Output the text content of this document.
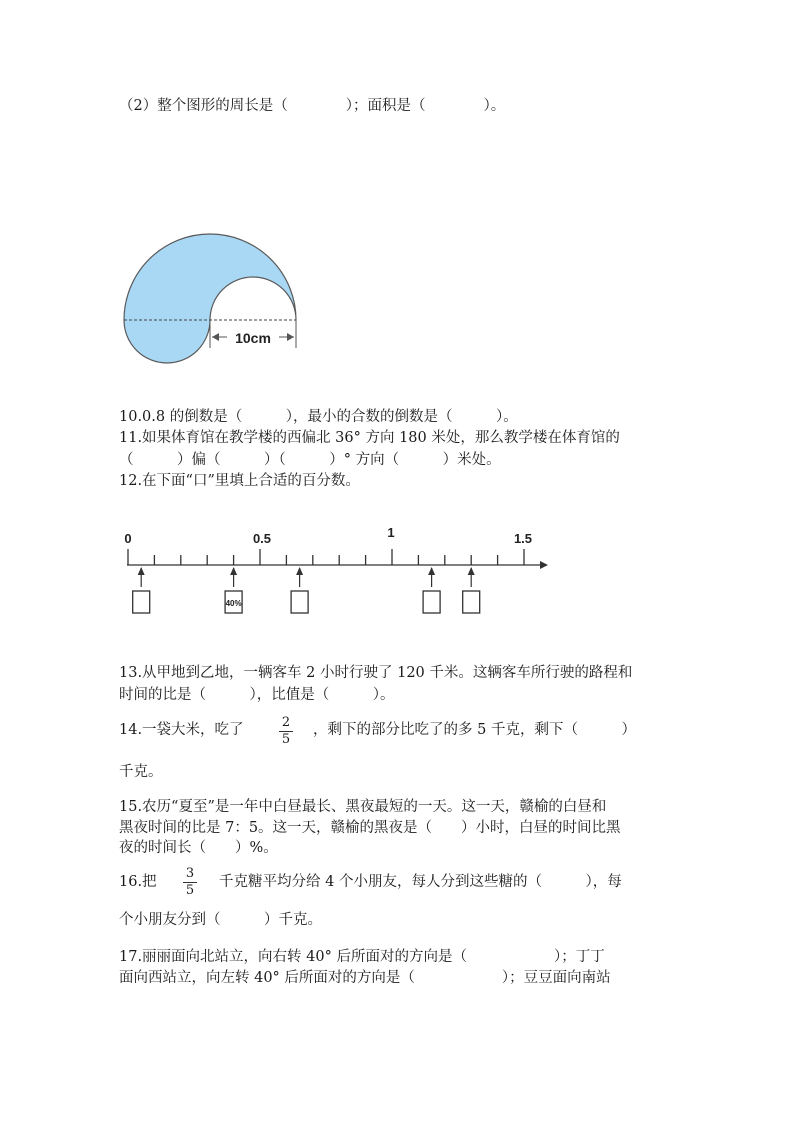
（2）整个图形的周长是（　　　　）；面积是（　　　　）。
10cm
10.0.8 的倒数是（　　　），最小的合数的倒数是（　　　）。
11.如果体育馆在教学楼的西偏北 36° 方向 180 米处，那么教学楼在体育馆的
（　　　）偏（　　　）（　　　）° 方向（　　　）米处。
12.在下面“口”里填上合适的百分数。
0	0.5	1	1.5
40%
13.从甲地到乙地，一辆客车 2 小时行驶了 120 千米。这辆客车所行驶的路程和
时间的比是（　　　），比值是（　　　）。
14.一袋大米，吃了	2
5
，剩下的部分比吃了的多 5 千克，剩下（　　　）
千克。
15.农历“夏至”是一年中白昼最长、黑夜最短的一天。这一天，赣榆的白昼和
黑夜时间的比是 7：5。这一天，赣榆的黑夜是（　　）小时，白昼的时间比黑
夜的时间长（　　）%。
16.把
3
5
千克糖平均分给 4 个小朋友，每人分到这些糖的（　　　），每
个小朋友分到（　　　）千克。
17.丽丽面向北站立，向右转 40° 后所面对的方向是（　　　　　　）；丁丁
面向西站立，向左转 40° 后所面对的方向是（　　　　　　）；豆豆面向南站
